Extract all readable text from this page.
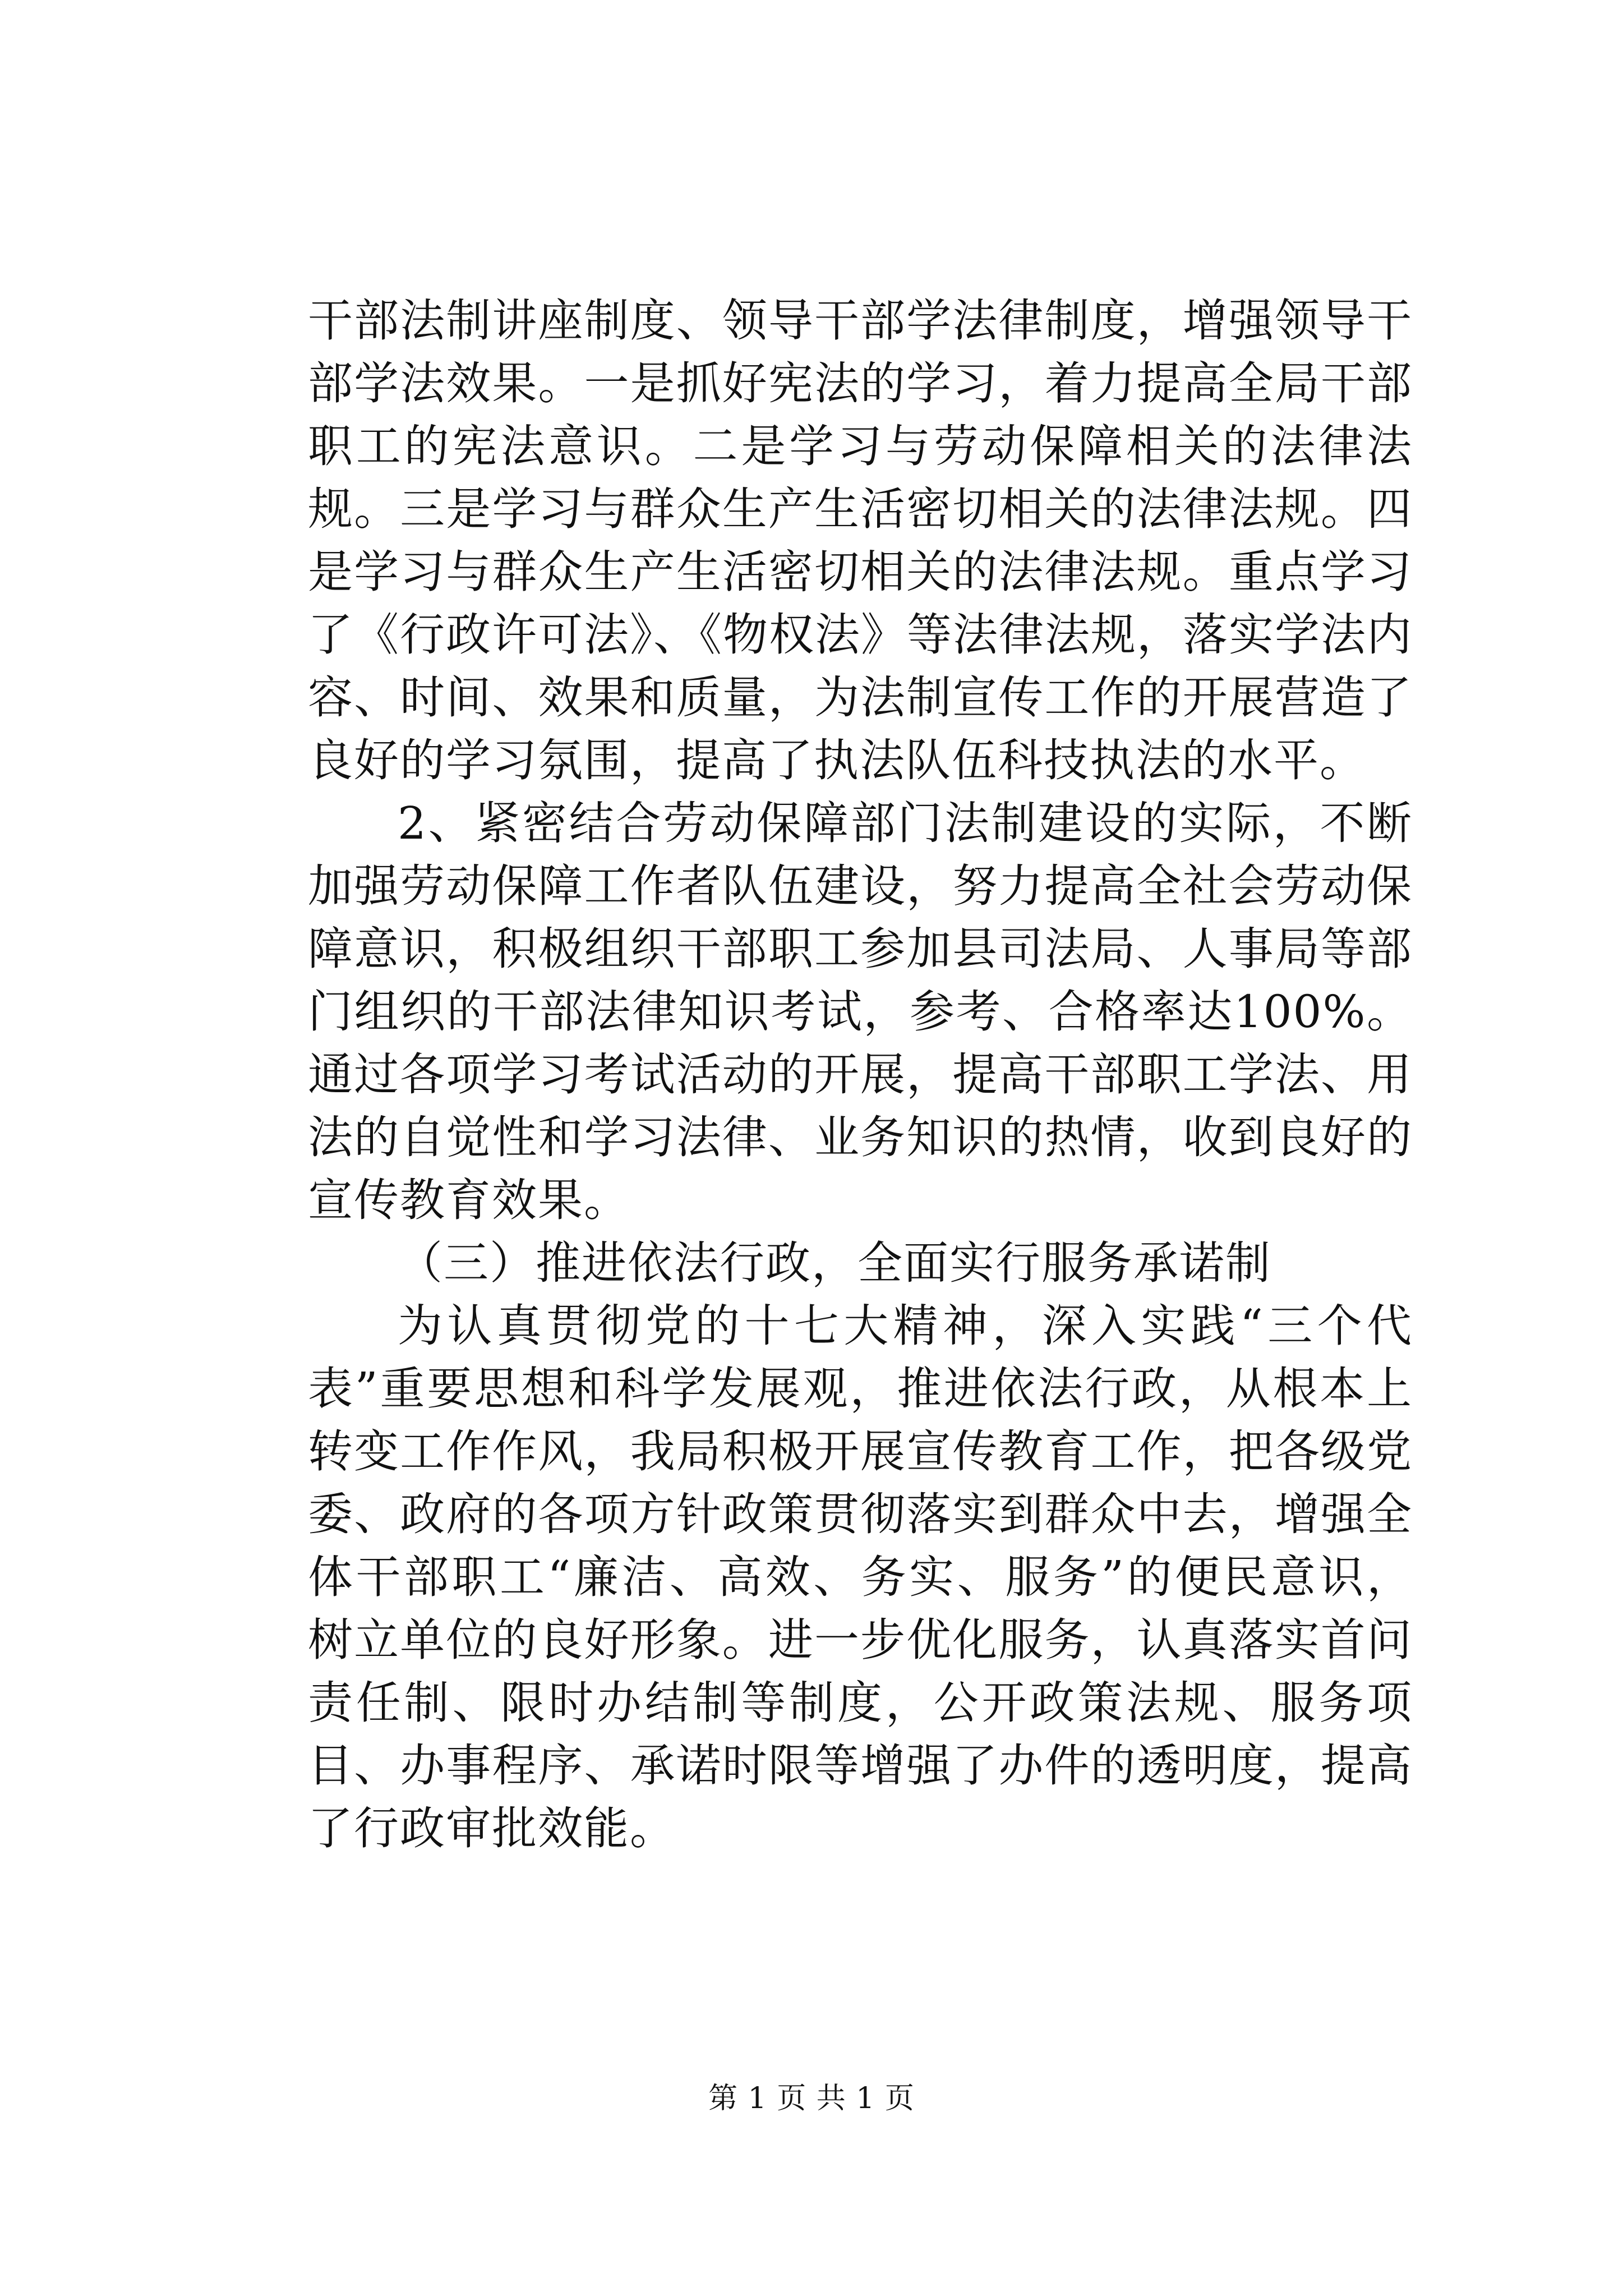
干部法制讲座制度、领导干部学法律制度，增强领导干部学法效果。一是抓好宪法的学习，着力提高全局干部职工的宪法意识。二是学习与劳动保障相关的法律法规。三是学习与群众生产生活密切相关的法律法规。四是学习与群众生产生活密切相关的法律法规。重点学习了《行政许可法》、《物权法》等法律法规，落实学法内容、时间、效果和质量，为法制宣传工作的开展营造了良好的学习氛围，提高了执法队伍科技执法的水平。

2、紧密结合劳动保障部门法制建设的实际，不断加强劳动保障工作者队伍建设，努力提高全社会劳动保障意识，积极组织干部职工参加县司法局、人事局等部门组织的干部法律知识考试，参考、合格率达100%。通过各项学习考试活动的开展，提高干部职工学法、用法的自觉性和学习法律、业务知识的热情，收到良好的宣传教育效果。

（三）推进依法行政，全面实行服务承诺制

为认真贯彻党的十七大精神，深入实践“三个代表”重要思想和科学发展观，推进依法行政，从根本上转变工作作风，我局积极开展宣传教育工作，把各级党委、政府的各项方针政策贯彻落实到群众中去，增强全体干部职工“廉洁、高效、务实、服务”的便民意识，树立单位的良好形象。进一步优化服务，认真落实首问责任制、限时办结制等制度，公开政策法规、服务项目、办事程序、承诺时限等增强了办件的透明度，提高了行政审批效能。

第 1 页 共 1 页
